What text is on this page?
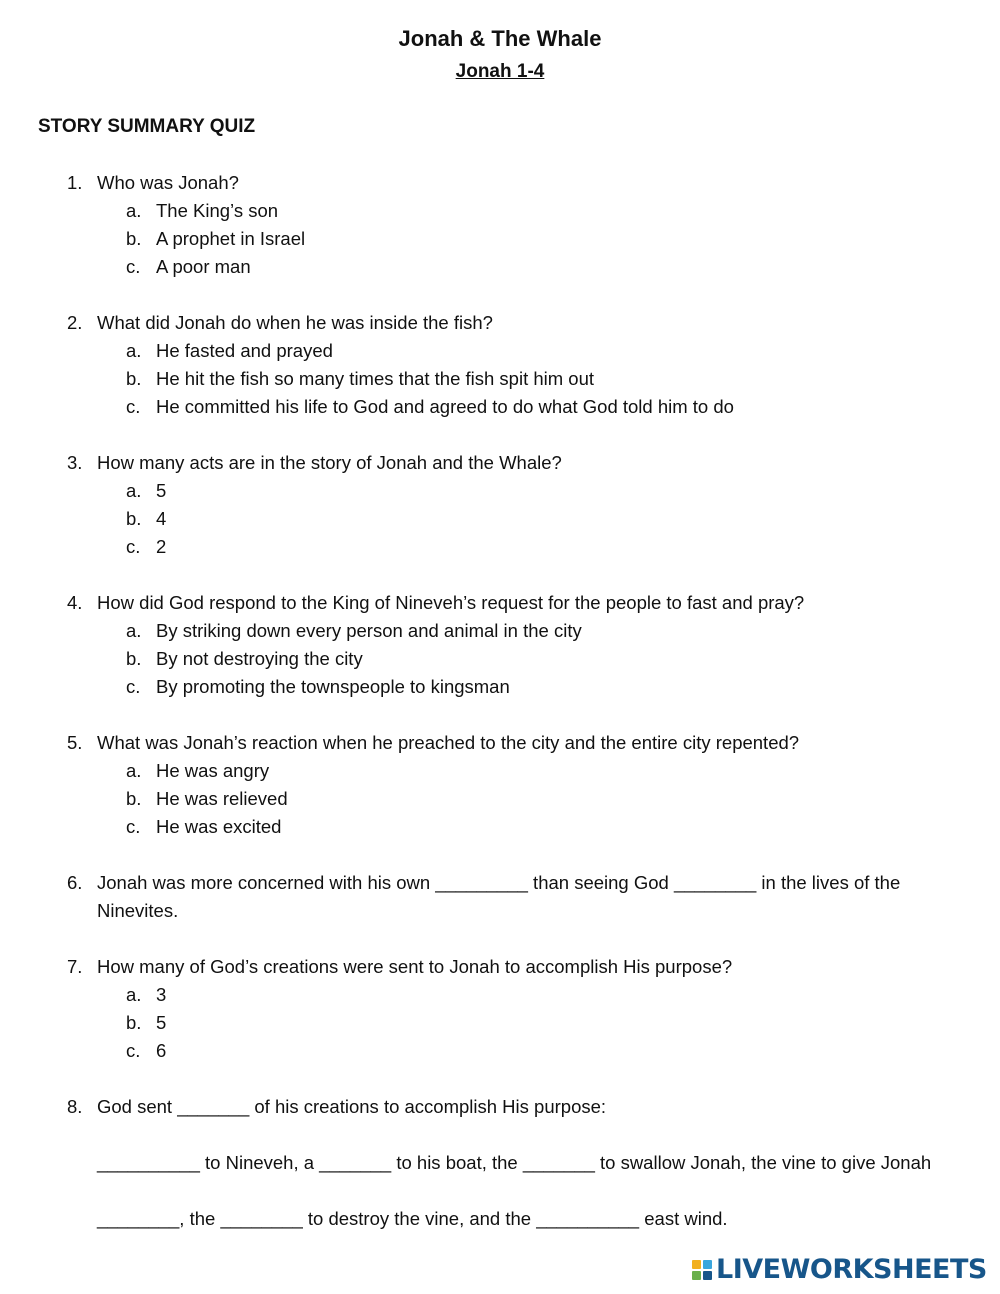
Jonah & The Whale
Jonah 1-4
STORY SUMMARY QUIZ
1. Who was Jonah?
a. The King’s son
b. A prophet in Israel
c. A poor man
2. What did Jonah do when he was inside the fish?
a. He fasted and prayed
b. He hit the fish so many times that the fish spit him out
c. He committed his life to God and agreed to do what God told him to do
3. How many acts are in the story of Jonah and the Whale?
a. 5
b. 4
c. 2
4. How did God respond to the King of Nineveh’s request for the people to fast and pray?
a. By striking down every person and animal in the city
b. By not destroying the city
c. By promoting the townspeople to kingsman
5. What was Jonah’s reaction when he preached to the city and the entire city repented?
a. He was angry
b. He was relieved
c. He was excited
6. Jonah was more concerned with his own _________ than seeing God ________ in the lives of the
Ninevites.
7. How many of God’s creations were sent to Jonah to accomplish His purpose?
a. 3
b. 5
c. 6
8. God sent _______ of his creations to accomplish His purpose:
__________ to Nineveh, a _______ to his boat, the _______ to swallow Jonah, the vine to give Jonah
________, the ________ to destroy the vine, and the __________ east wind.
LIVEWORKSHEETS
